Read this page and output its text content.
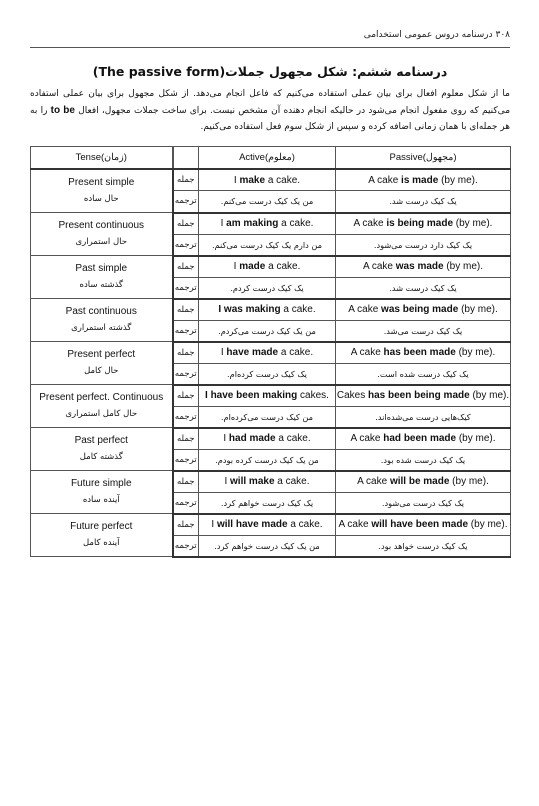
۳۰۸ درسنامه دروس عمومی استخدامی
درسنامه ششم: شکل مجهول جملات(The passive form)
ما از شکل معلوم افعال برای بیان عملی استفاده می‌کنیم که فاعل انجام می‌دهد. از شکل مجهول برای بیان عملی استفاده می‌کنیم که روی مفعول انجام می‌شود در حالیکه انجام دهنده آن مشخص نیست. برای ساخت جملات مجهول، افعال to be را به هر جمله‌ای با همان زمانی اضافه کرده و سپس از شکل سوم فعل استفاده می‌کنیم.
Tense(زمان)		Active(معلوم)	Passive(مجهول)

Present simple
حال ساده	جمله	I make a cake.	A cake is made (by me).
	ترجمه	من یک کیک درست می‌کنم.	یک کیک درست شد.

Present continuous
حال استمراری	جمله	I am making a cake.	A cake is being made (by me).
	ترجمه	من دارم یک کیک درست می‌کنم.	یک کیک دارد درست می‌شود.

Past simple
گذشته ساده	جمله	I made a cake.	A cake was made (by me).
	ترجمه	یک کیک درست کردم.	یک کیک درست شد.

Past continuous
گذشته استمراری	جمله	I was making a cake.	A cake was being made (by me).
	ترجمه	من یک کیک درست می‌کردم.	یک کیک درست می‌شد.

Present perfect
حال کامل	جمله	I have made a cake.	A cake has been made (by me).
	ترجمه	یک کیک درست کرده‌ام.	یک کیک درست شده است.

Present perfect. Continuous
حال کامل استمراری	جمله	I have been making cakes.	Cakes has been being made (by me).
	ترجمه	من کیک درست می‌کرده‌ام.	کیک‌هایی درست می‌شده‌اند.

Past perfect
گذشته کامل	جمله	I had made a cake.	A cake had been made (by me).
	ترجمه	من یک کیک درست کرده بودم.	یک کیک درست شده بود.

Future simple
آینده ساده	جمله	I will make a cake.	A cake will be made (by me).
	ترجمه	یک کیک درست خواهم کرد.	یک کیک درست می‌شود.

Future perfect
آینده کامل	جمله	I will have made a cake.	A cake will have been made (by me).
	ترجمه	من یک کیک درست خواهم کرد.	یک کیک درست خواهد بود.
